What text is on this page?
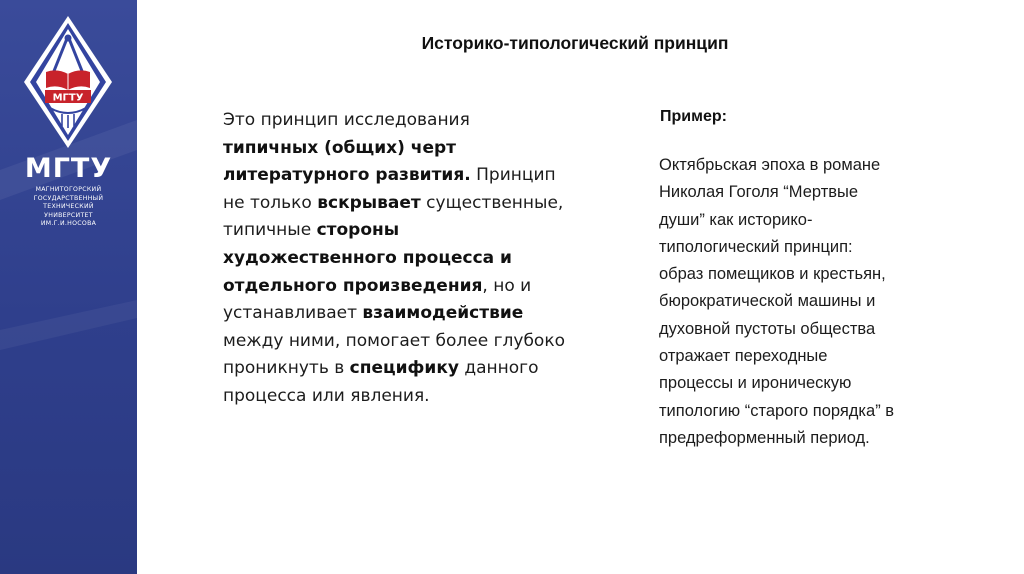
МГТУ
МГТУ
МАГНИТОГОРСКИЙ
ГОСУДАРСТВЕННЫЙ
ТЕХНИЧЕСКИЙ
УНИВЕРСИТЕТ
ИМ.Г.И.НОСОВА
Историко-типологический принцип
Это принцип исследования типичных (общих) черт литературного развития. Принцип не только вскрывает существенные, типичные стороны художественного процесса и отдельного произведения, но и устанавливает взаимодействие между ними, помогает более глубоко проникнуть в специфику данного процесса или явления.
Пример:
Октябрьская эпоха в романе
Николая Гоголя “Мертвые
души” как историко-
типологический принцип:
образ помещиков и крестьян,
бюрократической машины и
духовной пустоты общества
отражает переходные
процессы и ироническую
типологию “старого порядка” в
предреформенный период.
